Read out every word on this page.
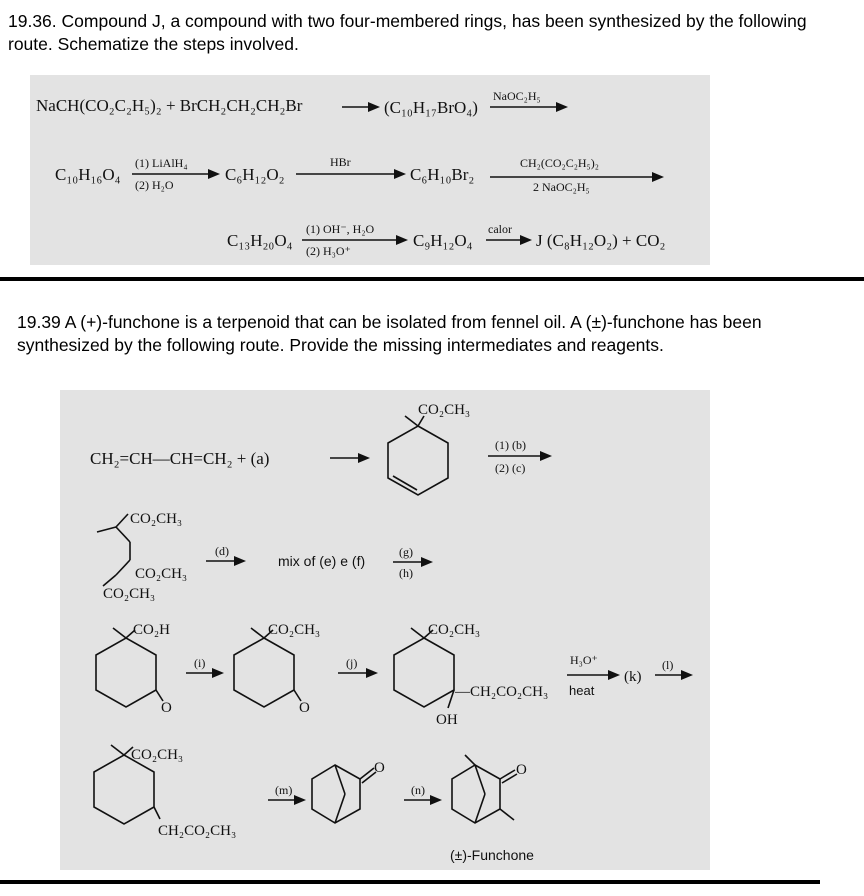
19.36. Compound J, a compound with two four-membered rings, has been synthesized by the following route. Schematize the steps involved.

NaCH(CO₂C₂H₅)₂ + BrCH₂CH₂CH₂Br	(C₁₀H₁₇BrO₄)
NaOC₂H₅
C₁₀H₁₆O₄
(1) LiAlH₄
(2) H₂O
C₆H₁₂O₂
HBr
C₆H₁₀Br₂
CH₂(CO₂C₂H₅)₂
2 NaOC₂H₅
C₁₃H₂₀O₄
(1) OH⁻, H₂O
(2) H₃O⁺
C₉H₁₂O₄
calor
J (C₈H₁₂O₂) + CO₂

19.39 A (+)-funchone is a terpenoid that can be isolated from fennel oil. A (±)-funchone has been synthesized by the following route. Provide the missing intermediates and reagents.

CH₂=CH—CH=CH₂ + (a)
CO₂CH₃
(1) (b)
(2) (c)
CO₂CH₃
CO₂CH₃
CO₂CH₃
(d)
mix of (e) e (f)
(g)
(h)
CO₂H
O
(i)
CO₂CH₃
O
(j)
CO₂CH₃
—CH₂CO₂CH₃
OH
H₃O⁺
heat
(k)
(l)
CO₂CH₃
CH₂CO₂CH₃
(m)
O
(n)
O
(±)-Funchone
